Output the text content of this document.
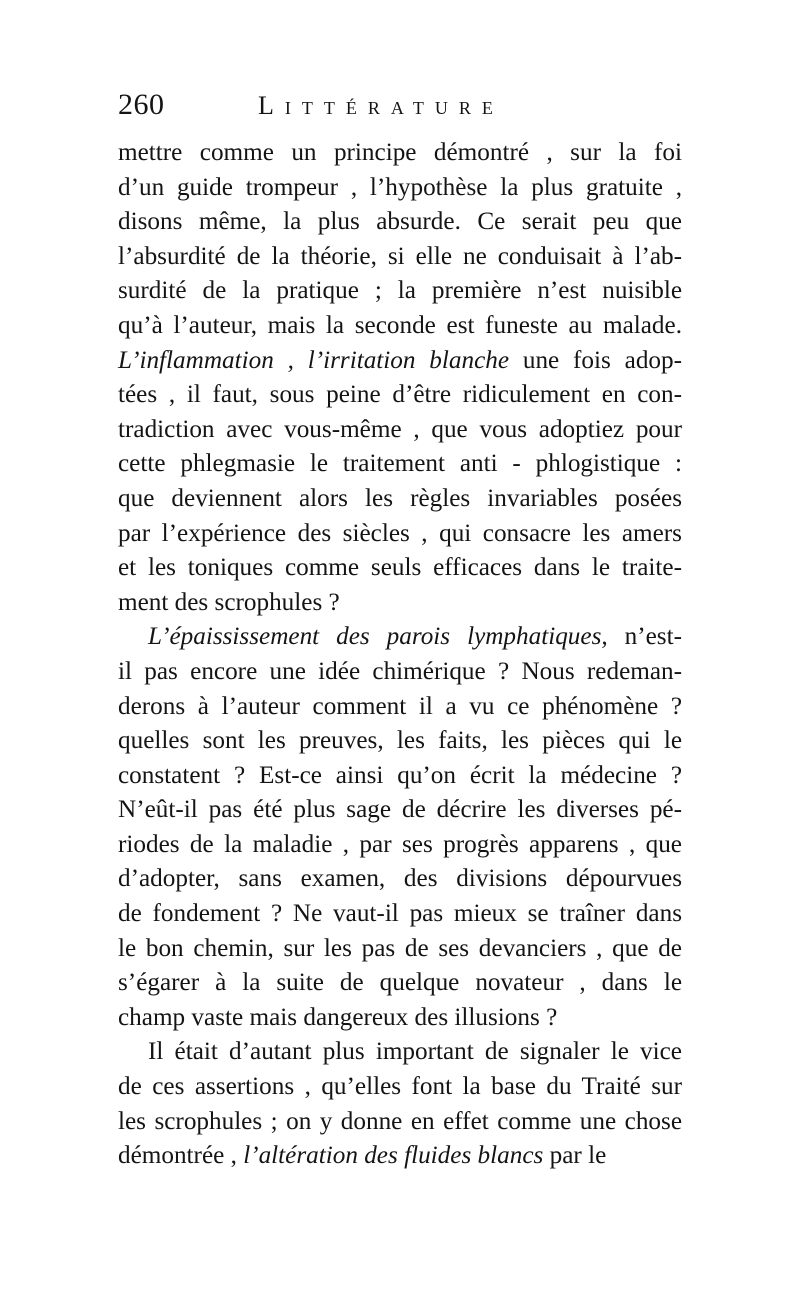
260	Littérature
mettre comme un principe démontré , sur la foi
d’un guide trompeur , l’hypothèse la plus gratuite ,
disons même, la plus absurde. Ce serait peu que
l’absurdité de la théorie, si elle ne conduisait à l’ab-
surdité de la pratique ; la première n’est nuisible
qu’à l’auteur, mais la seconde est funeste au malade.
L’inflammation , l’irritation blanche une fois adop-
tées , il faut, sous peine d’être ridiculement en con-
tradiction avec vous-même , que vous adoptiez pour
cette phlegmasie le traitement anti - phlogistique :
que deviennent alors les règles invariables posées
par l’expérience des siècles , qui consacre les amers
et les toniques comme seuls efficaces dans le traite-
ment des scrophules ?
L’épaississement des parois lymphatiques, n’est-
il pas encore une idée chimérique ? Nous redeman-
derons à l’auteur comment il a vu ce phénomène ?
quelles sont les preuves, les faits, les pièces qui le
constatent ? Est-ce ainsi qu’on écrit la médecine ?
N’eût-il pas été plus sage de décrire les diverses pé-
riodes de la maladie , par ses progrès apparens , que
d’adopter, sans examen, des divisions dépourvues
de fondement ? Ne vaut-il pas mieux se traîner dans
le bon chemin, sur les pas de ses devanciers , que de
s’égarer à la suite de quelque novateur , dans le
champ vaste mais dangereux des illusions ?
Il était d’autant plus important de signaler le vice
de ces assertions , qu’elles font la base du Traité sur
les scrophules ; on y donne en effet comme une chose
démontrée , l’altération des fluides blancs par le
